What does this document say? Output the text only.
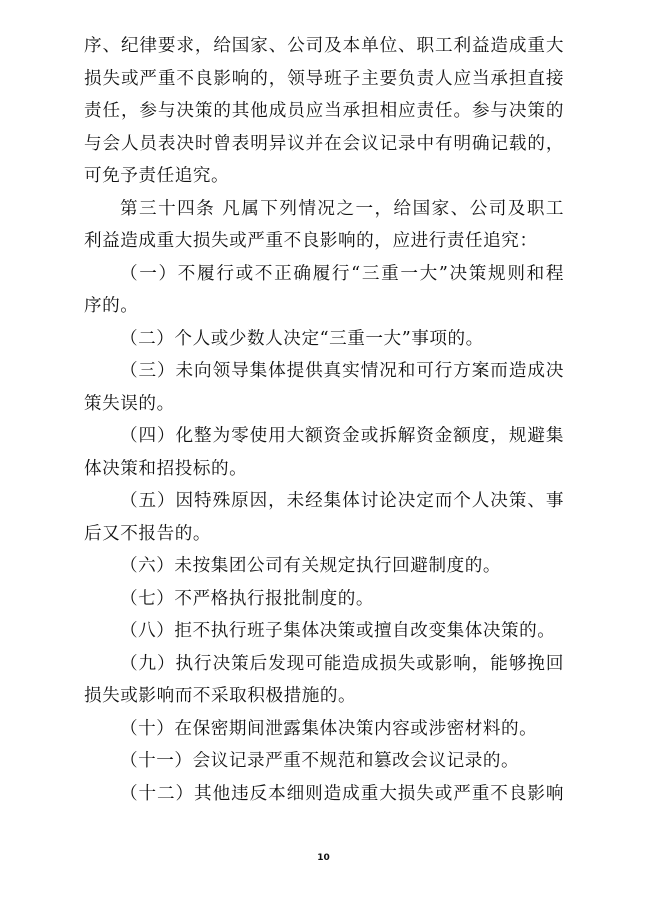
序、纪律要求，给国家、公司及本单位、职工利益造成重大
损失或严重不良影响的，领导班子主要负责人应当承担直接
责任，参与决策的其他成员应当承担相应责任。参与决策的
与会人员表决时曾表明异议并在会议记录中有明确记载的，
可免予责任追究。
第三十四条 凡属下列情况之一，给国家、公司及职工
利益造成重大损失或严重不良影响的，应进行责任追究：
（一）不履行或不正确履行“三重一大”决策规则和程
序的。
（二）个人或少数人决定“三重一大”事项的。
（三）未向领导集体提供真实情况和可行方案而造成决
策失误的。
（四）化整为零使用大额资金或拆解资金额度，规避集
体决策和招投标的。
（五）因特殊原因，未经集体讨论决定而个人决策、事
后又不报告的。
（六）未按集团公司有关规定执行回避制度的。
（七）不严格执行报批制度的。
（八）拒不执行班子集体决策或擅自改变集体决策的。
（九）执行决策后发现可能造成损失或影响，能够挽回
损失或影响而不采取积极措施的。
（十）在保密期间泄露集体决策内容或涉密材料的。
（十一）会议记录严重不规范和篡改会议记录的。
（十二）其他违反本细则造成重大损失或严重不良影响
10
